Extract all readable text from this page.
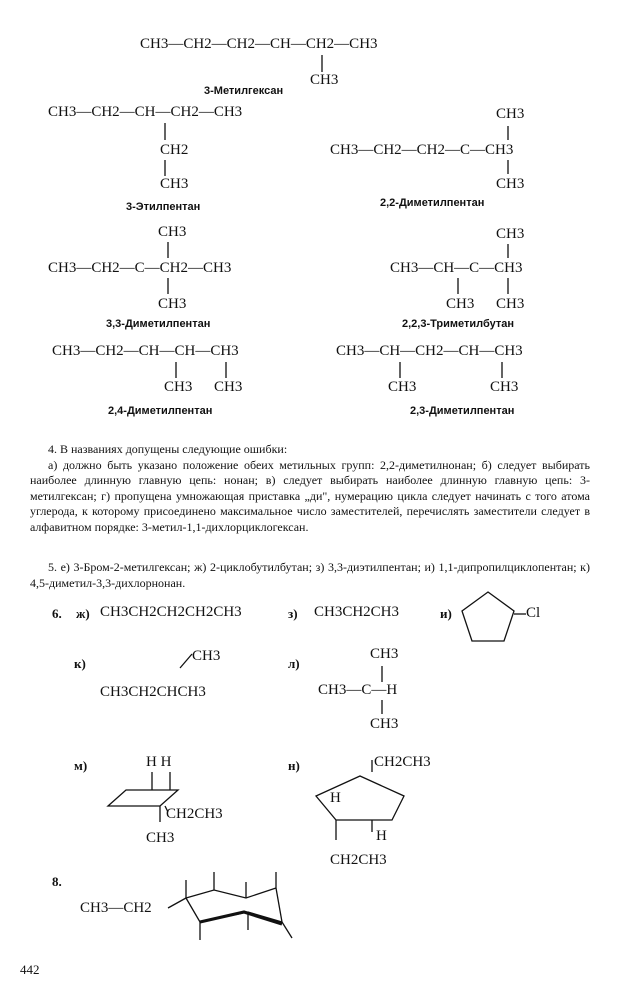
CH3—CH2—CH2—CH—CH2—CH3
CH3
3-Метилгексан
CH3—CH2—CH—CH2—CH3
CH2
CH3
3-Этилпентан
CH3
CH3—CH2—CH2—C—CH3
CH3
2,2-Диметилпентан
CH3
CH3—CH2—C—CH2—CH3
CH3
3,3-Диметилпентан
CH3
CH3—CH—C—CH3
CH3 CH3
2,2,3-Триметилбутан
CH3—CH2—CH—CH—CH3
CH3 CH3
2,4-Диметилпентан
CH3—CH—CH2—CH—CH3
CH3	CH3
2,3-Диметилпентан
4. В названиях допущены следующие ошибки:
а) должно быть указано положение обеих метильных групп: 2,2-диметилнонан; б) следует выбирать наиболее длинную главную цепь: нонан; в) следует выбирать наиболее длинную главную цепь: 3-метилгексан; г) пропущена умножающая приставка „ди", нумерацию цикла следует начинать с того атома углерода, к которому присоединено максимальное число заместителей, перечислять заместители следует в алфавитном порядке: 3-метил-1,1-дихлорциклогексан.
5. е) 3-Бром-2-метилгексан; ж) 2-циклобутилбутан; з) 3,3-диэтилпентан; и) 1,1-дипропилциклопентан; к) 4,5-диметил-3,3-дихлорнонан.
6. ж) CH3CH2CH2CH2CH3	з) CH3CH2CH3	и)	Cl
к)	CH3
CH3CH2CHCH3
л)
CH3
CH3—C—H
CH3
м)	H H
CH2CH3
CH3
н)	CH2CH3
H
H
CH2CH3
8.
CH3—CH2
442
